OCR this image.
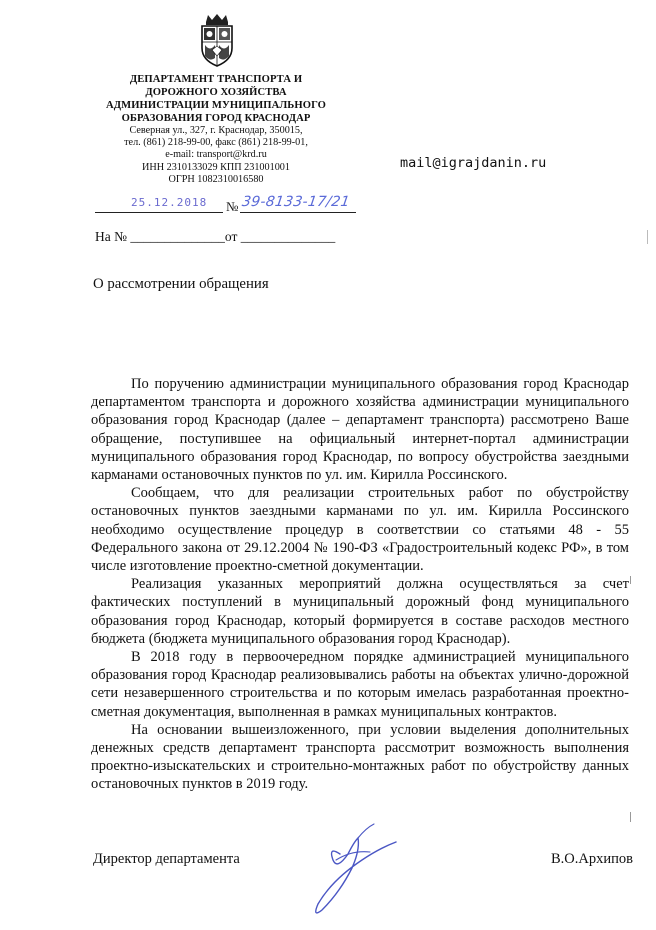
ДЕПАРТАМЕНТ ТРАНСПОРТА И
ДОРОЖНОГО ХОЗЯЙСТВА
АДМИНИСТРАЦИИ МУНИЦИПАЛЬНОГО
ОБРАЗОВАНИЯ ГОРОД КРАСНОДАР
Северная ул., 327, г. Краснодар, 350015,
тел. (861) 218-99-00, факс (861) 218-99-01,
e-mail: transport@krd.ru
ИНН 2310133029 КПП 231001001
ОГРН 1082310016580
mail@igrajdanin.ru
25.12.2018 № 39-8133-17/21
На № ______________от ______________
О рассмотрении обращения

По поручению администрации муниципального образования город Краснодар департаментом транспорта и дорожного хозяйства администрации муниципального образования город Краснодар (далее – департамент транспорта) рассмотрено Ваше обращение, поступившее на официальный интернет-портал администрации муниципального образования город Краснодар, по вопросу обустройства заездными карманами остановочных пунктов по ул. им. Кирилла Россинского.

Сообщаем, что для реализации строительных работ по обустройству остановочных пунктов заездными карманами по ул. им. Кирилла Россинского необходимо осуществление процедур в соответствии со статьями 48 - 55 Федерального закона от 29.12.2004 № 190-ФЗ «Градостроительный кодекс РФ», в том числе изготовление проектно-сметной документации.

Реализация указанных мероприятий должна осуществляться за счет фактических поступлений в муниципальный дорожный фонд муниципального образования город Краснодар, который формируется в составе расходов местного бюджета (бюджета муниципального образования город Краснодар).

В 2018 году в первоочередном порядке администрацией муниципального образования город Краснодар реализовывались работы на объектах улично-дорожной сети незавершенного строительства и по которым имелась разработанная проектно-сметная документация, выполненная в рамках муниципальных контрактов.

На основании вышеизложенного, при условии выделения дополнительных денежных средств департамент транспорта рассмотрит возможность выполнения проектно-изыскательских и строительно-монтажных работ по обустройству данных остановочных пунктов в 2019 году.

Директор департамента	В.О.Архипов
